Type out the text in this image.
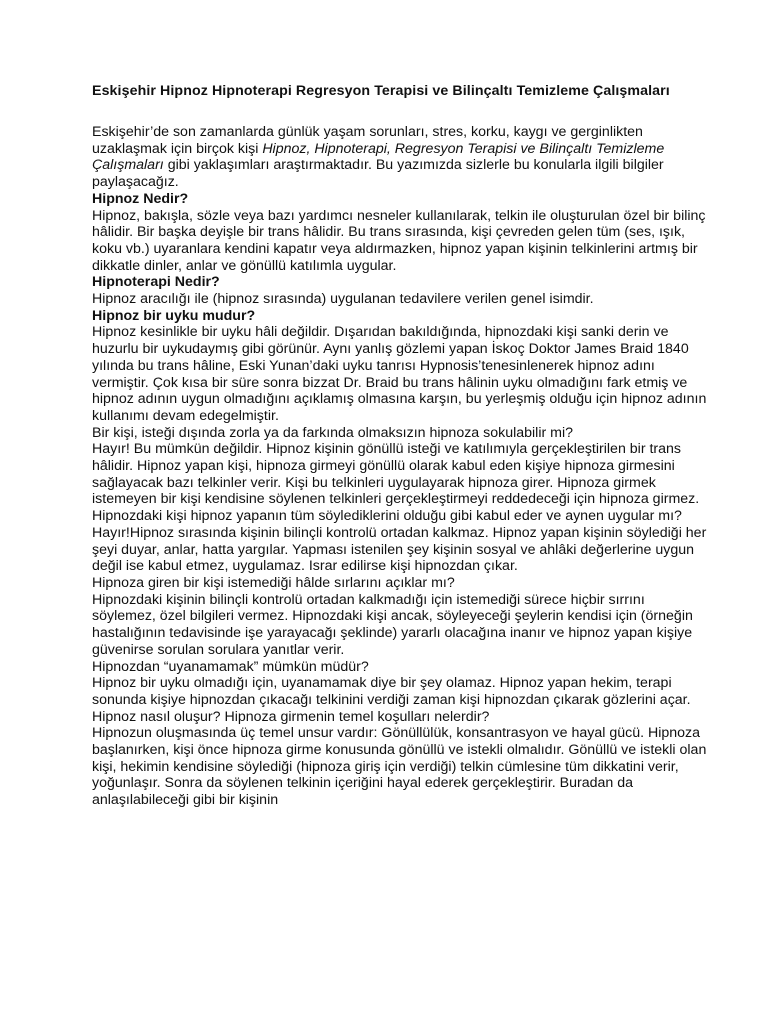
Eskişehir Hipnoz Hipnoterapi Regresyon Terapisi ve Bilinçaltı Temizleme Çalışmaları

Eskişehir’de son zamanlarda günlük yaşam sorunları, stres, korku, kaygı ve gerginlikten uzaklaşmak için birçok kişi Hipnoz, Hipnoterapi, Regresyon Terapisi ve Bilinçaltı Temizleme Çalışmaları gibi yaklaşımları araştırmaktadır. Bu yazımızda sizlerle bu konularla ilgili bilgiler paylaşacağız.

Hipnoz Nedir?

Hipnoz, bakışla, sözle veya bazı yardımcı nesneler kullanılarak, telkin ile oluşturulan özel bir bilinç hâlidir. Bir başka deyişle bir trans hâlidir. Bu trans sırasında, kişi çevreden gelen tüm (ses, ışık, koku vb.) uyaranlara kendini kapatır veya aldırmazken, hipnoz yapan kişinin telkinlerini artmış bir dikkatle dinler, anlar ve gönüllü katılımla uygular.

Hipnoterapi Nedir?

Hipnoz aracılığı ile (hipnoz sırasında) uygulanan tedavilere verilen genel isimdir.

Hipnoz bir uyku mudur?

Hipnoz kesinlikle bir uyku hâli değildir. Dışarıdan bakıldığında, hipnozdaki kişi sanki derin ve huzurlu bir uykudaymış gibi görünür. Aynı yanlış gözlemi yapan İskoç Doktor James Braid 1840 yılında bu trans hâline, Eski Yunan’daki uyku tanrısı Hypnosis’tenesinlenerek hipnoz adını vermiştir. Çok kısa bir süre sonra bizzat Dr. Braid bu trans hâlinin uyku olmadığını fark etmiş ve hipnoz adının uygun olmadığını açıklamış olmasına karşın, bu yerleşmiş olduğu için hipnoz adının kullanımı devam edegelmiştir.

Bir kişi, isteği dışında zorla ya da farkında olmaksızın hipnoza sokulabilir mi?

Hayır! Bu mümkün değildir. Hipnoz kişinin gönüllü isteği ve katılımıyla gerçekleştirilen bir trans hâlidir. Hipnoz yapan kişi, hipnoza girmeyi gönüllü olarak kabul eden kişiye hipnoza girmesini sağlayacak bazı telkinler verir. Kişi bu telkinleri uygulayarak hipnoza girer. Hipnoza girmek istemeyen bir kişi kendisine söylenen telkinleri gerçekleştirmeyi reddedeceği için hipnoza girmez.

Hipnozdaki kişi hipnoz yapanın tüm söylediklerini olduğu gibi kabul eder ve aynen uygular mı?

Hayır!Hipnoz sırasında kişinin bilinçli kontrolü ortadan kalkmaz. Hipnoz yapan kişinin söylediği her şeyi duyar, anlar, hatta yargılar. Yapması istenilen şey kişinin sosyal ve ahlâki değerlerine uygun değil ise kabul etmez, uygulamaz. Israr edilirse kişi hipnozdan çıkar.

Hipnoza giren bir kişi istemediği hâlde sırlarını açıklar mı?

Hipnozdaki kişinin bilinçli kontrolü ortadan kalkmadığı için istemediği sürece hiçbir sırrını söylemez, özel bilgileri vermez. Hipnozdaki kişi ancak, söyleyeceği şeylerin kendisi için (örneğin hastalığının tedavisinde işe yarayacağı şeklinde) yararlı olacağına inanır ve hipnoz yapan kişiye güvenirse sorulan sorulara yanıtlar verir.

Hipnozdan “uyanamamak” mümkün müdür?

Hipnoz bir uyku olmadığı için, uyanamamak diye bir şey olamaz. Hipnoz yapan hekim, terapi sonunda kişiye hipnozdan çıkacağı telkinini verdiği zaman kişi hipnozdan çıkarak gözlerini açar.

Hipnoz nasıl oluşur? Hipnoza girmenin temel koşulları nelerdir?

Hipnozun oluşmasında üç temel unsur vardır: Gönüllülük, konsantrasyon ve hayal gücü. Hipnoza başlanırken, kişi önce hipnoza girme konusunda gönüllü ve istekli olmalıdır. Gönüllü ve istekli olan kişi, hekimin kendisine söylediği (hipnoza giriş için verdiği) telkin cümlesine tüm dikkatini verir, yoğunlaşır. Sonra da söylenen telkinin içeriğini hayal ederek gerçekleştirir. Buradan da anlaşılabileceği gibi bir kişinin
